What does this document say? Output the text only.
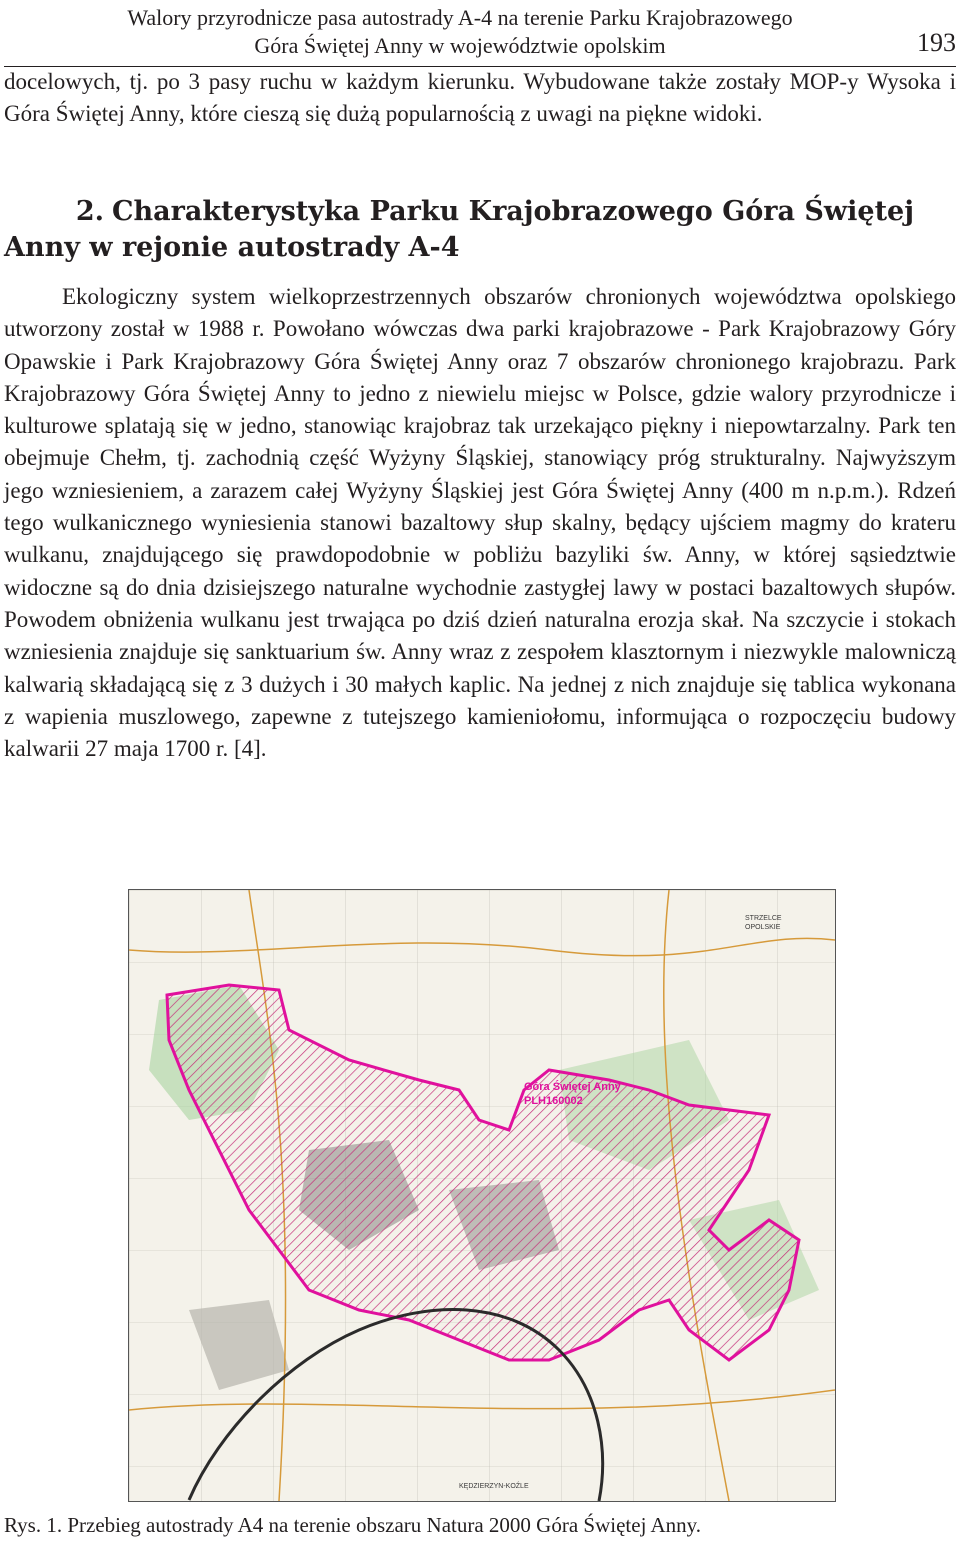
Walory przyrodnicze pasa autostrady A-4 na terenie Parku Krajobrazowego
Góra Świętej Anny w województwie opolskim	193

docelowych, tj. po 3 pasy ruchu w każdym kierunku. Wybudowane także zostały MOP-y Wysoka i Góra Świętej Anny, które cieszą się dużą popularnością z uwagi na piękne widoki.

2. Charakterystyka Parku Krajobrazowego Góra Świętej Anny w rejonie autostrady A-4

Ekologiczny system wielkoprzestrzennych obszarów chronionych województwa opolskiego utworzony został w 1988 r. Powołano wówczas dwa parki krajobrazowe - Park Krajobrazowy Góry Opawskie i Park Krajobrazowy Góra Świętej Anny oraz 7 obszarów chronionego krajobrazu. Park Krajobrazowy Góra Świętej Anny to jedno z niewielu miejsc w Polsce, gdzie walory przyrodnicze i kulturowe splatają się w jedno, stanowiąc krajobraz tak urzekająco piękny i niepowtarzalny. Park ten obejmuje Chełm, tj. zachodnią część Wyżyny Śląskiej, stanowiący próg strukturalny. Najwyższym jego wzniesieniem, a zarazem całej Wyżyny Śląskiej jest Góra Świętej Anny (400 m n.p.m.). Rdzeń tego wulkanicznego wyniesienia stanowi bazaltowy słup skalny, będący ujściem magmy do krateru wulkanu, znajdującego się prawdopodobnie w pobliżu bazyliki św. Anny, w której sąsiedztwie widoczne są do dnia dzisiejszego naturalne wychodnie zastygłej lawy w postaci bazaltowych słupów. Powodem obniżenia wulkanu jest trwająca po dziś dzień naturalna erozja skał. Na szczycie i stokach wzniesienia znajduje się sanktuarium św. Anny wraz z zespołem klasztornym i niezwykle malowniczą kalwarią składającą się z 3 dużych i 30 małych kaplic. Na jednej z nich znajduje się tablica wykonana z wapienia muszlowego, zapewne z tutejszego kamieniołomu, informująca o rozpoczęciu budowy kalwarii 27 maja 1700 r. [4].

Góra Świętej Anny
PLH160002
STRZELCE
OPOLSKIE
KĘDZIERZYN-KOŹLE

Rys. 1. Przebieg autostrady A4 na terenie obszaru Natura 2000 Góra Świętej Anny.
